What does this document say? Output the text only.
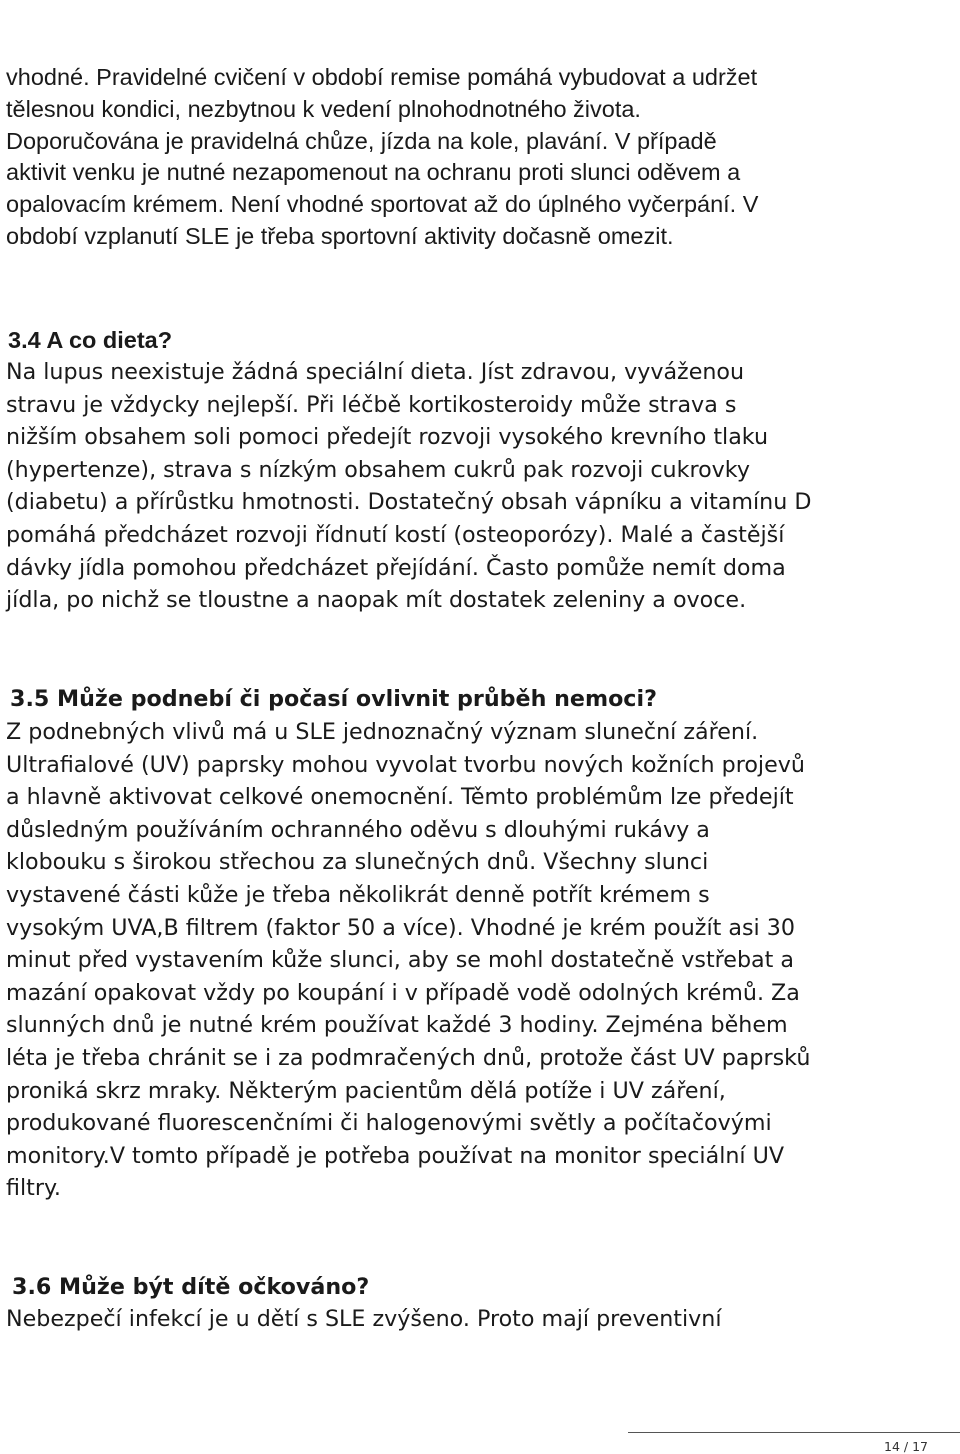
vhodné. Pravidelné cvičení v období remise pomáhá vybudovat a udržet
tělesnou kondici, nezbytnou k vedení plnohodnotného života.
Doporučována je pravidelná chůze, jízda na kole, plavání. V případě
aktivit venku je nutné nezapomenout na ochranu proti slunci oděvem a
opalovacím krémem. Není vhodné sportovat až do úplného vyčerpání. V
období vzplanutí SLE je třeba sportovní aktivity dočasně omezit.
3.4 A co dieta?
Na lupus neexistuje žádná speciální dieta. Jíst zdravou, vyváženou
stravu je vždycky nejlepší. Při léčbě kortikosteroidy může strava s
nižším obsahem soli pomoci předejít rozvoji vysokého krevního tlaku
(hypertenze), strava s nízkým obsahem cukrů pak rozvoji cukrovky
(diabetu) a přírůstku hmotnosti. Dostatečný obsah vápníku a vitamínu D
pomáhá předcházet rozvoji řídnutí kostí (osteoporózy). Malé a častější
dávky jídla pomohou předcházet přejídání. Často pomůže nemít doma
jídla, po nichž se tloustne a naopak mít dostatek zeleniny a ovoce.
3.5 Může podnebí či počasí ovlivnit průběh nemoci?
Z podnebných vlivů má u SLE jednoznačný význam sluneční záření.
Ultrafialové (UV) paprsky mohou vyvolat tvorbu nových kožních projevů
a hlavně aktivovat celkové onemocnění. Těmto problémům lze předejít
důsledným používáním ochranného oděvu s dlouhými rukávy a
klobouku s širokou střechou za slunečných dnů. Všechny slunci
vystavené části kůže je třeba několikrát denně potřít krémem s
vysokým UVA,B filtrem (faktor 50 a více). Vhodné je krém použít asi 30
minut před vystavením kůže slunci, aby se mohl dostatečně vstřebat a
mazání opakovat vždy po koupání i v případě vodě odolných krémů. Za
slunných dnů je nutné krém používat každé 3 hodiny. Zejména během
léta je třeba chránit se i za podmračených dnů, protože část UV paprsků
proniká skrz mraky. Některým pacientům dělá potíže i UV záření,
produkované fluorescenčními či halogenovými světly a počítačovými
monitory.V tomto případě je potřeba používat na monitor speciální UV
filtry.
3.6 Může být dítě očkováno?
Nebezpečí infekcí je u dětí s SLE zvýšeno. Proto mají preventivní
14 / 17
